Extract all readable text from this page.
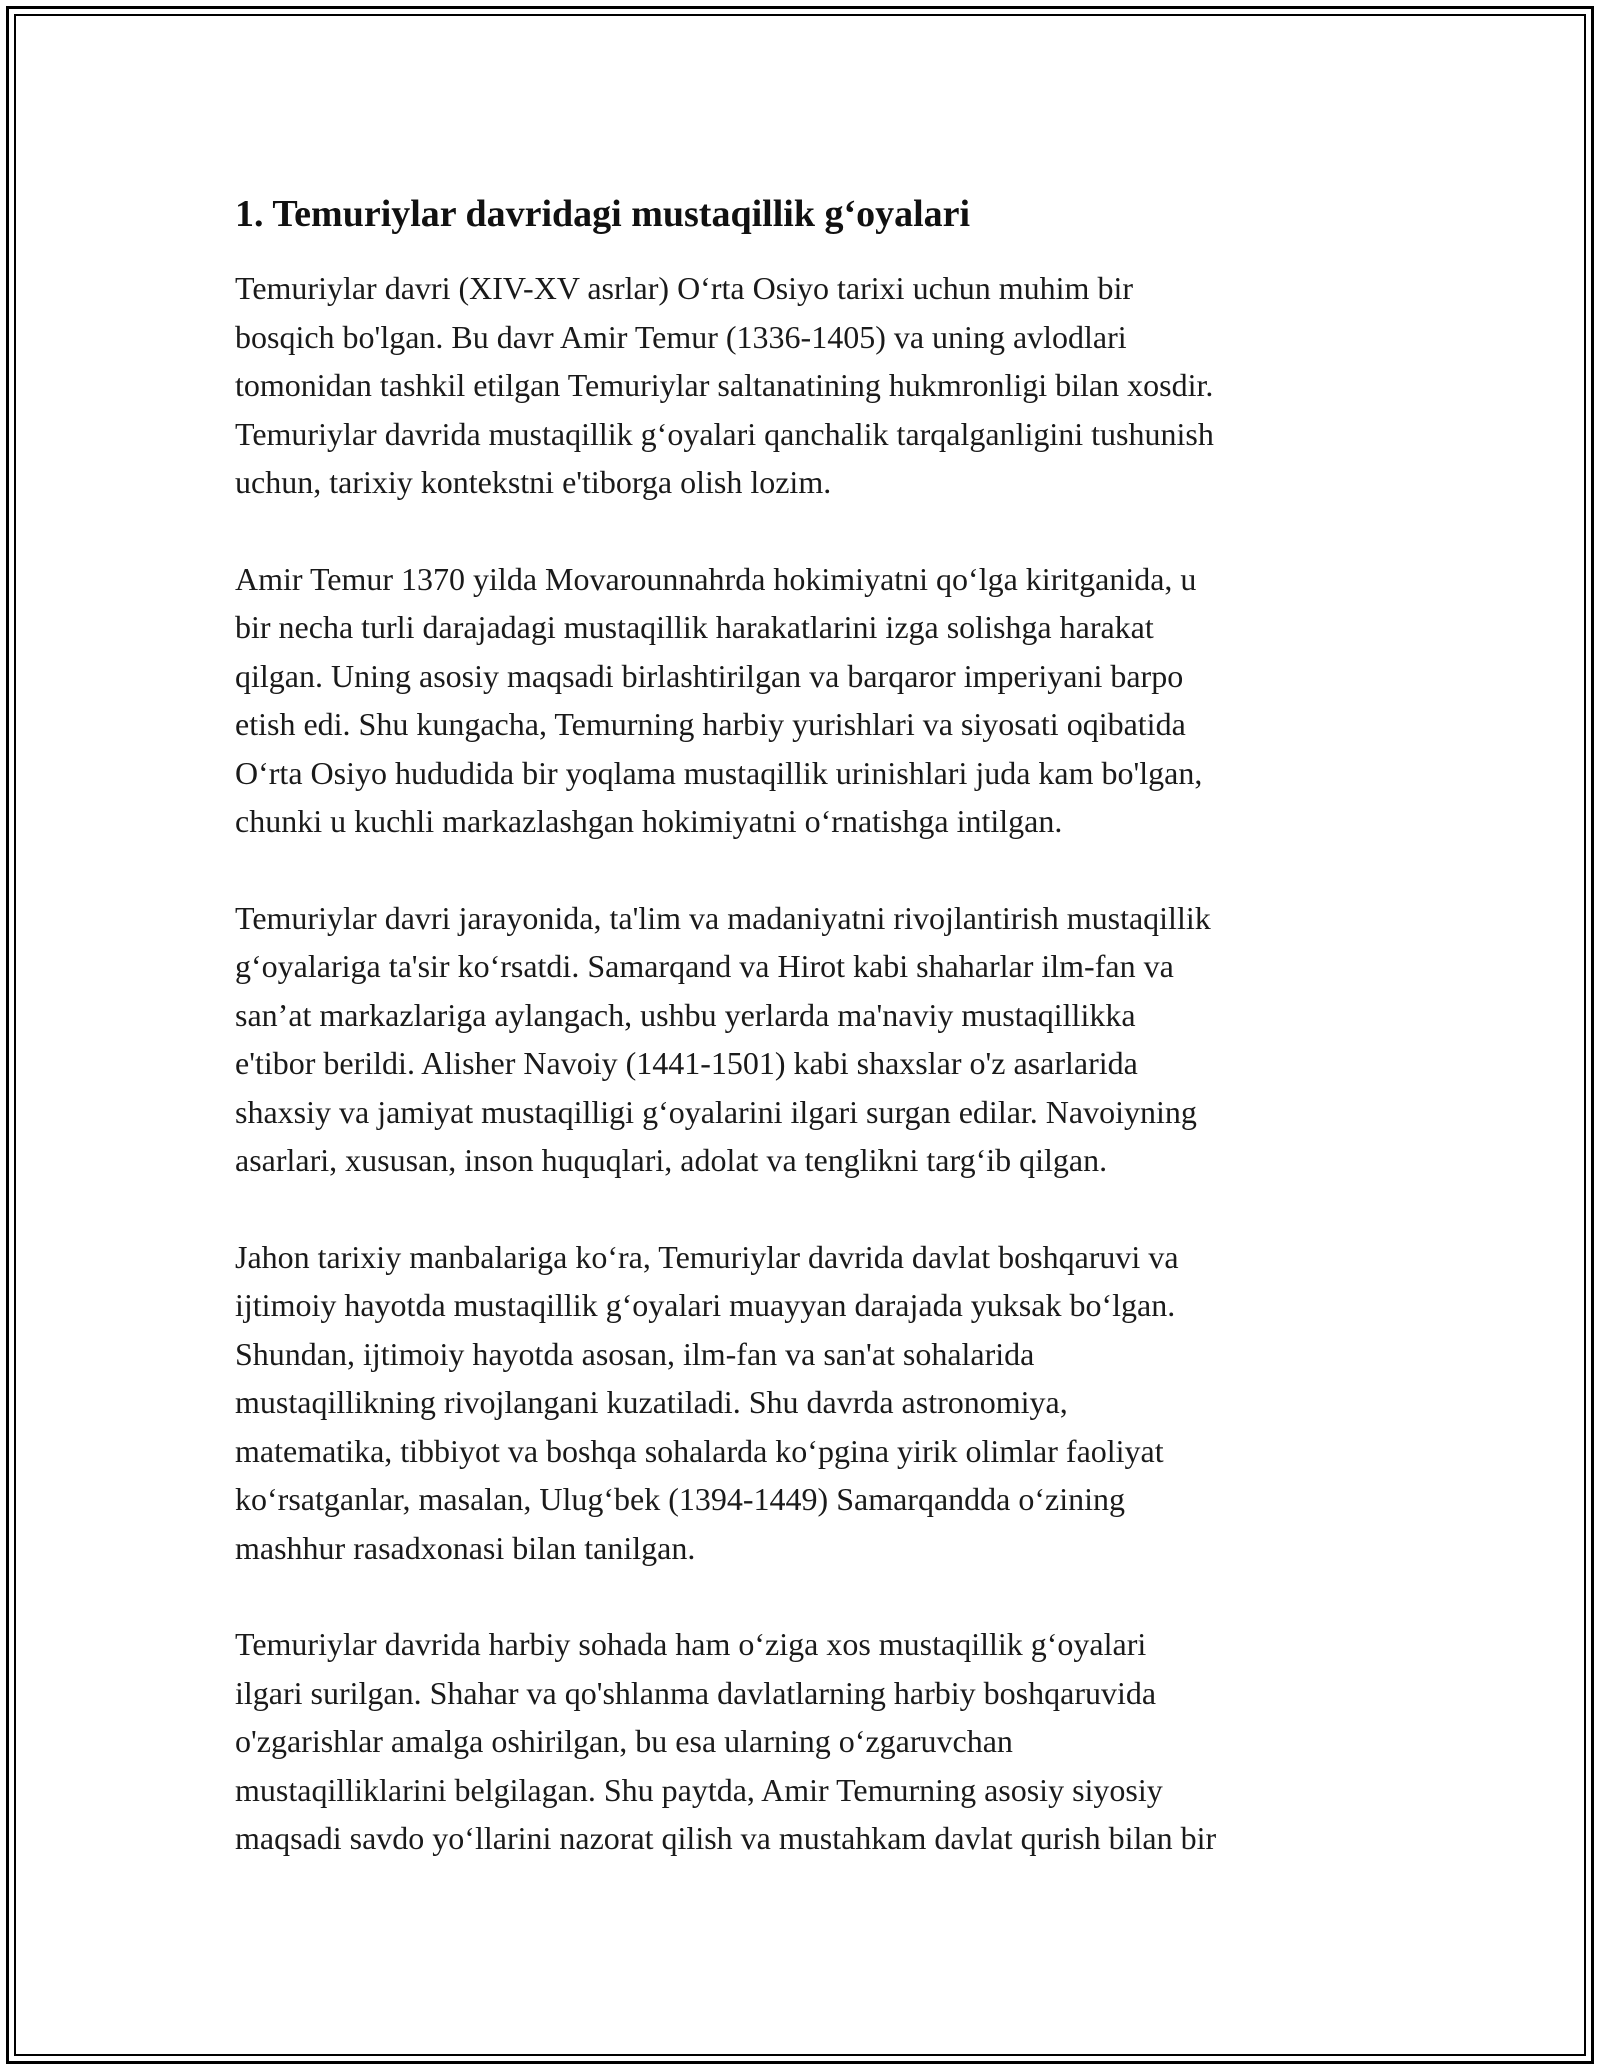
1. Temuriylar davridagi mustaqillik g‘oyalari

Temuriylar davri (XIV-XV asrlar) O‘rta Osiyo tarixi uchun muhim bir
bosqich bo'lgan. Bu davr Amir Temur (1336-1405) va uning avlodlari
tomonidan tashkil etilgan Temuriylar saltanatining hukmronligi bilan xosdir.
Temuriylar davrida mustaqillik g‘oyalari qanchalik tarqalganligini tushunish
uchun, tarixiy kontekstni e'tiborga olish lozim.

Amir Temur 1370 yilda Movarounnahrda hokimiyatni qo‘lga kiritganida, u
bir necha turli darajadagi mustaqillik harakatlarini izga solishga harakat
qilgan. Uning asosiy maqsadi birlashtirilgan va barqaror imperiyani barpo
etish edi. Shu kungacha, Temurning harbiy yurishlari va siyosati oqibatida
O‘rta Osiyo hududida bir yoqlama mustaqillik urinishlari juda kam bo'lgan,
chunki u kuchli markazlashgan hokimiyatni o‘rnatishga intilgan.

Temuriylar davri jarayonida, ta'lim va madaniyatni rivojlantirish mustaqillik
g‘oyalariga ta'sir ko‘rsatdi. Samarqand va Hirot kabi shaharlar ilm-fan va
san’at markazlariga aylangach, ushbu yerlarda ma'naviy mustaqillikka
e'tibor berildi. Alisher Navoiy (1441-1501) kabi shaxslar o'z asarlarida
shaxsiy va jamiyat mustaqilligi g‘oyalarini ilgari surgan edilar. Navoiyning
asarlari, xususan, inson huquqlari, adolat va tenglikni targ‘ib qilgan.

Jahon tarixiy manbalariga ko‘ra, Temuriylar davrida davlat boshqaruvi va
ijtimoiy hayotda mustaqillik g‘oyalari muayyan darajada yuksak bo‘lgan.
Shundan, ijtimoiy hayotda asosan, ilm-fan va san'at sohalarida
mustaqillikning rivojlangani kuzatiladi. Shu davrda astronomiya,
matematika, tibbiyot va boshqa sohalarda ko‘pgina yirik olimlar faoliyat
ko‘rsatganlar, masalan, Ulug‘bek (1394-1449) Samarqandda o‘zining
mashhur rasadxonasi bilan tanilgan.

Temuriylar davrida harbiy sohada ham o‘ziga xos mustaqillik g‘oyalari
ilgari surilgan. Shahar va qo'shlanma davlatlarning harbiy boshqaruvida
o'zgarishlar amalga oshirilgan, bu esa ularning o‘zgaruvchan
mustaqilliklarini belgilagan. Shu paytda, Amir Temurning asosiy siyosiy
maqsadi savdo yo‘llarini nazorat qilish va mustahkam davlat qurish bilan bir
